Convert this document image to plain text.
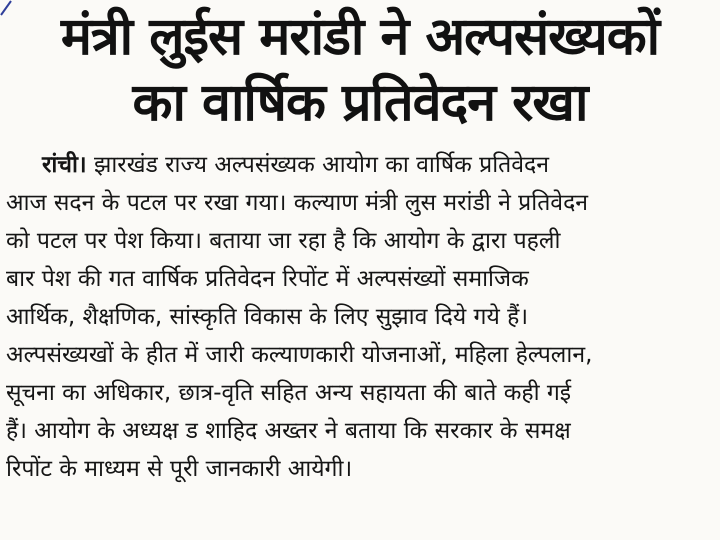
मंत्री लुईस मरांडी ने अल्पसंख्यकों
का वार्षिक प्रतिवेदन रखा
रांची। झारखंड राज्य अल्पसंख्यक आयोग का वार्षिक प्रतिवेदन
आज सदन के पटल पर रखा गया। कल्याण मंत्री लुस मरांडी ने प्रतिवेदन
को पटल पर पेश किया। बताया जा रहा है कि आयोग के द्वारा पहली
बार पेश की गत वार्षिक प्रतिवेदन रिपोंट में अल्पसंख्यों समाजिक
आर्थिक, शैक्षणिक, सांस्कृति विकास के लिए सुझाव दिये गये हैं।
अल्पसंख्यखों के हीत में जारी कल्याणकारी योजनाओं, महिला हेल्पलान,
सूचना का अधिकार, छात्र-वृति सहित अन्य सहायता की बाते कही गई
हैं। आयोग के अध्यक्ष ड शाहिद अख्तर ने बताया कि सरकार के समक्ष
रिपोंट के माध्यम से पूरी जानकारी आयेगी।
